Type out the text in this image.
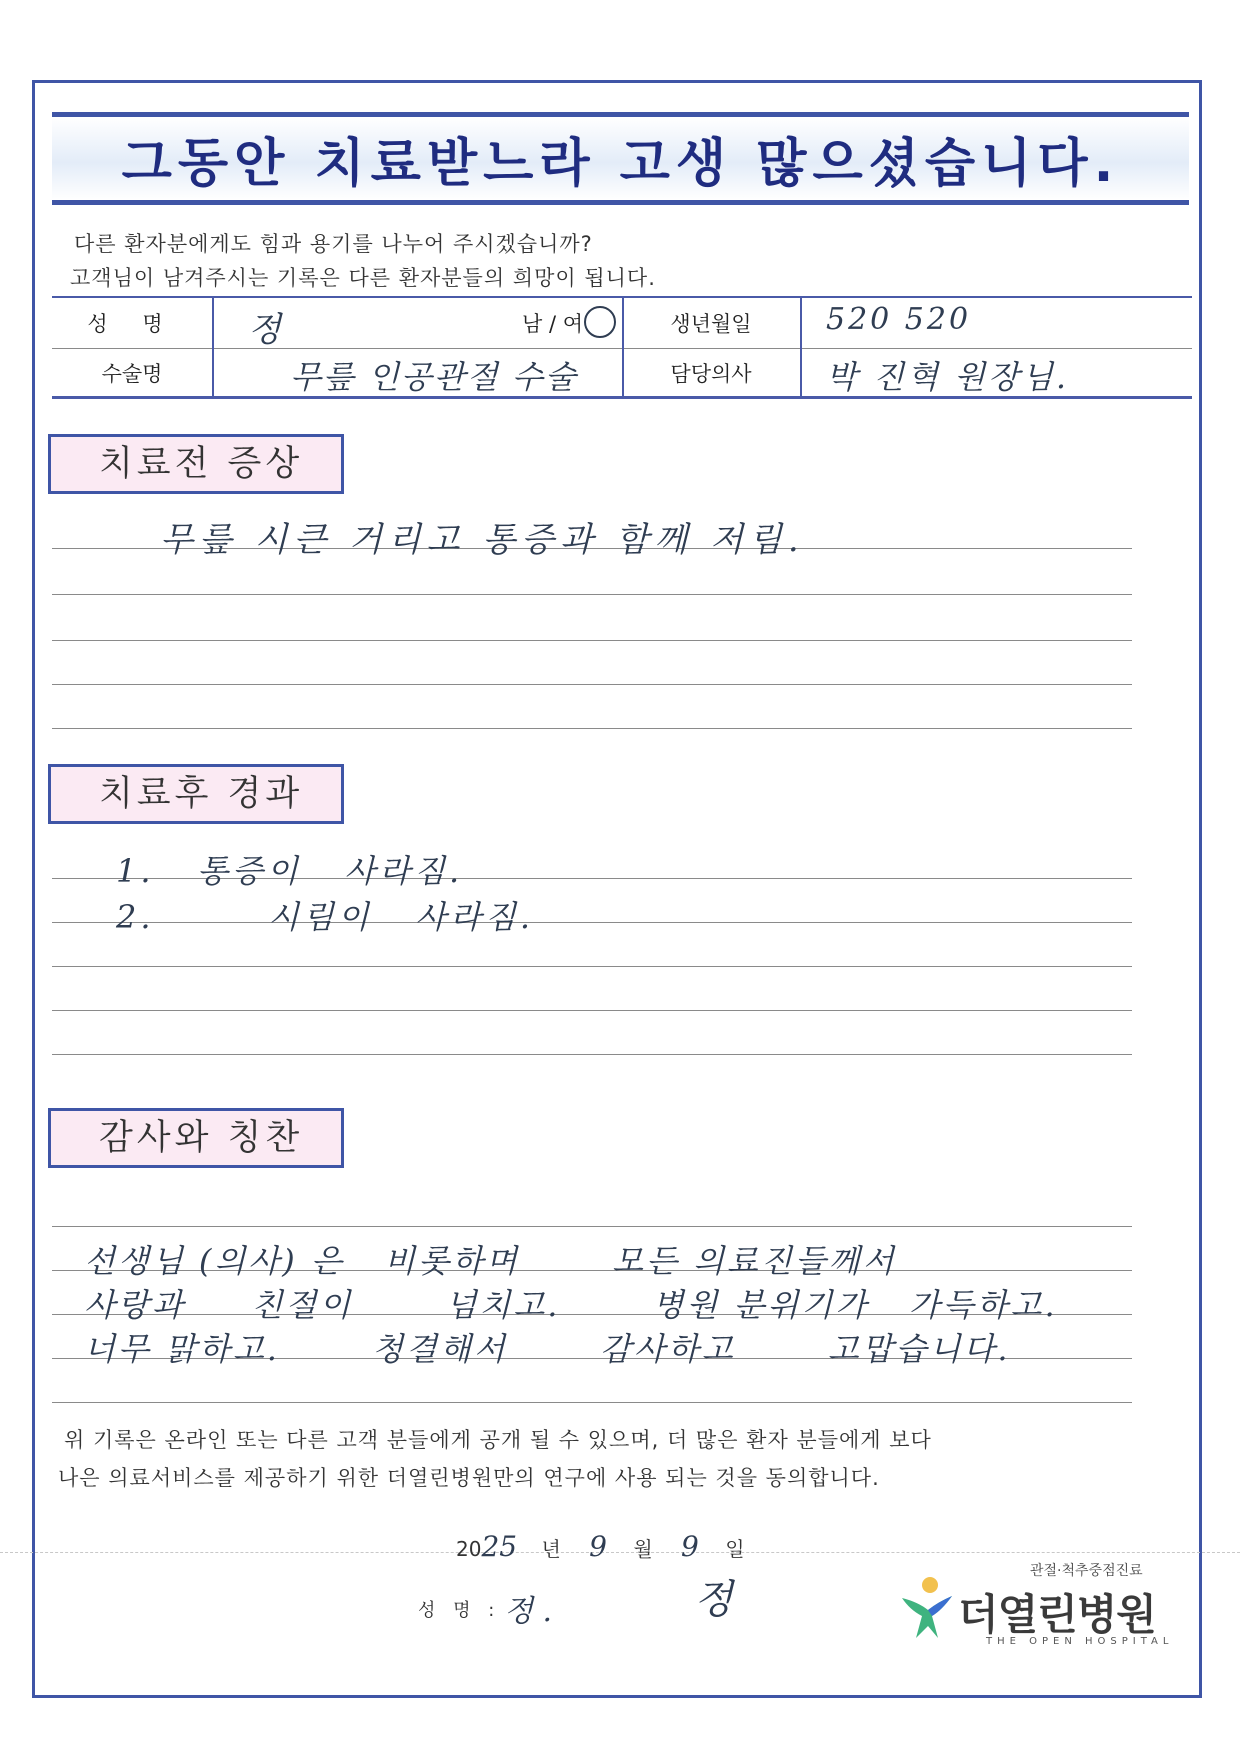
그동안 치료받느라 고생 많으셨습니다.
다른 환자분에게도 힘과 용기를 나누어 주시겠습니까?
고객님이 남겨주시는 기록은 다른 환자분들의 희망이 됩니다.
성 명	정	남 / 여	생년월일	520 520
수술명	무릎 인공관절 수술	담당의사	박 진혁 원장님.
치료전 증상
무릎 시큰 거리고 통증과 함께 저림.
치료후 경과
1.   통증이   사라짐.
2.        시림이   사라짐.
감사와 칭찬
선생님 (의사) 은   비롯하며       모든 의료진들께서
사랑과     친절이       넘치고.       병원 분위기가   가득하고.
너무 맑하고.       청결해서       감사하고       고맙습니다.
위 기록은 온라인 또는 다른 고객 분들에게 공개 될 수 있으며, 더 많은 환자 분들에게 보다
나은 의료서비스를 제공하기 위한 더열린병원만의 연구에 사용 되는 것을 동의합니다.
2025 년 9 월 9 일
성 명 : 정 .	정
관절·척추중점진료
더열린병원
THE OPEN HOSPITAL
